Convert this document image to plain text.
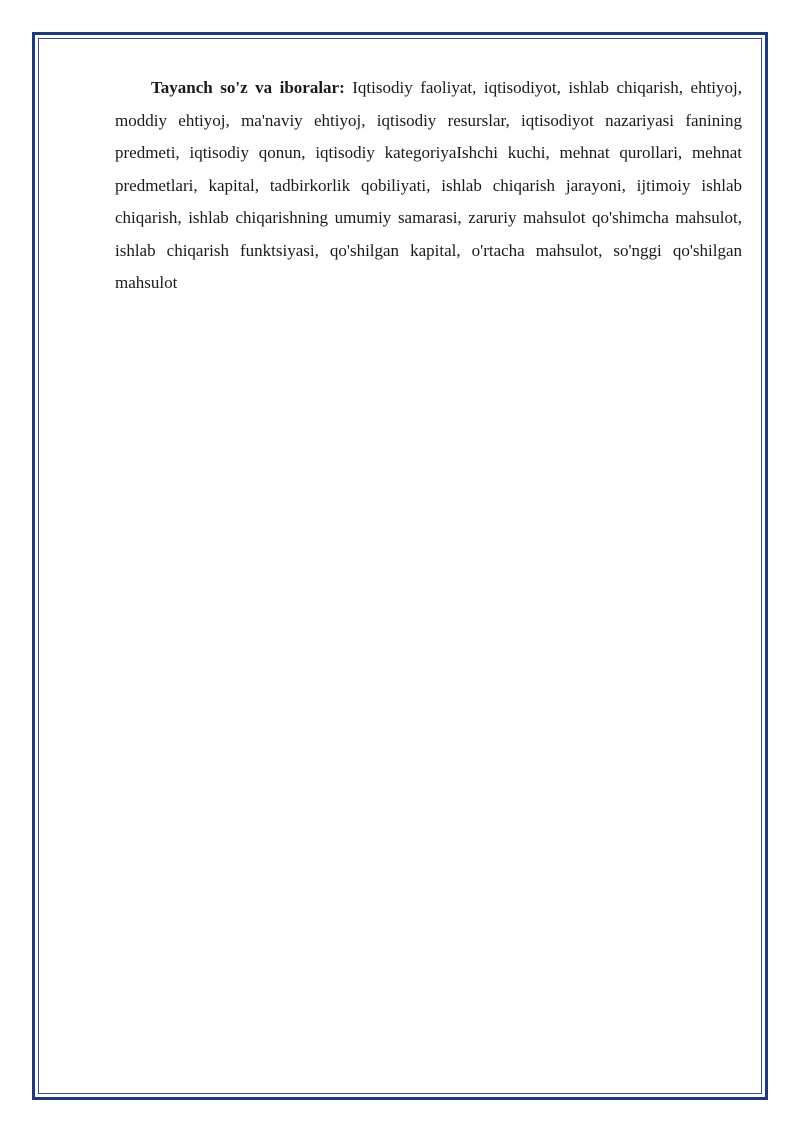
Tayanch so'z va iboralar: Iqtisodiy faoliyat, iqtisodiyot, ishlab chiqarish, ehtiyoj, moddiy ehtiyoj, ma'naviy ehtiyoj, iqtisodiy resurslar, iqtisodiyot nazariyasi fanining predmeti, iqtisodiy qonun, iqtisodiy kategoriyaIshchi kuchi, mehnat qurollari, mehnat predmetlari, kapital, tadbirkorlik qobiliyati, ishlab chiqarish jarayoni, ijtimoiy ishlab chiqarish, ishlab chiqarishning umumiy samarasi, zaruriy mahsulot qo'shimcha mahsulot, ishlab chiqarish funktsiyasi, qo'shilgan kapital, o'rtacha mahsulot, so'nggi qo'shilgan mahsulot
